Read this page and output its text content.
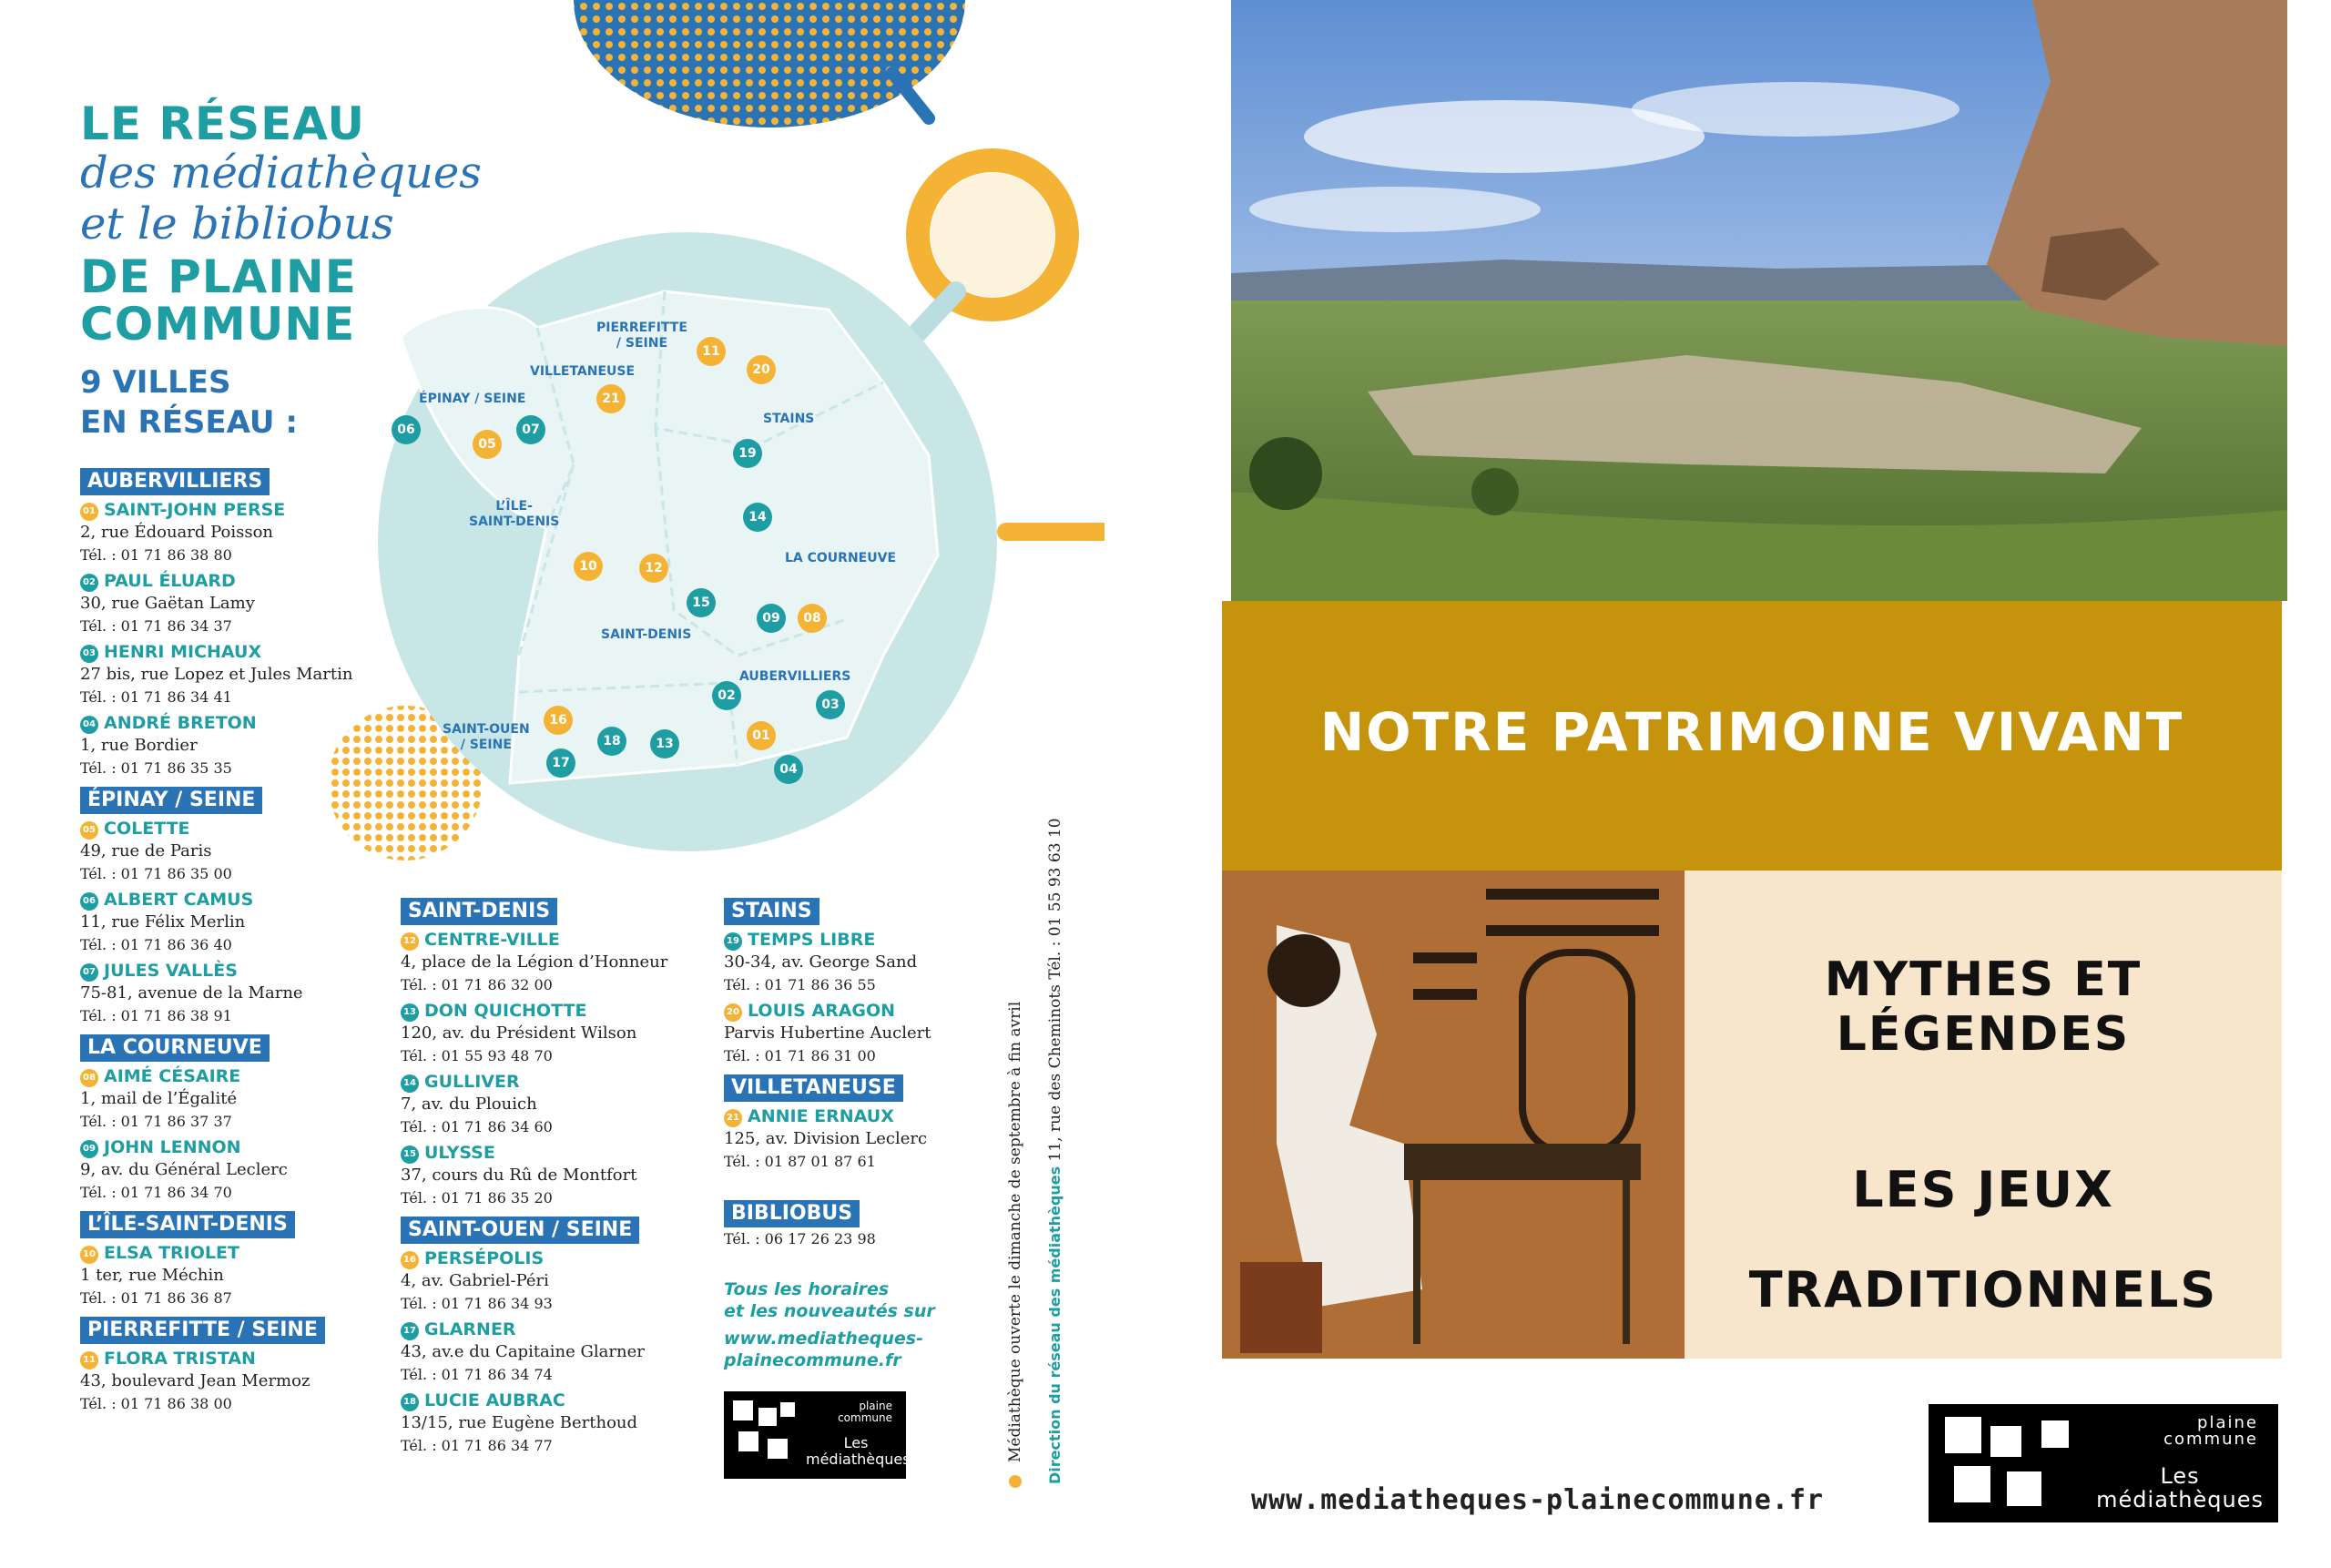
PIERREFITTE
/ SEINE
VILLETANEUSE
ÉPINAY / SEINE
STAINS
L’ÎLE-
SAINT-DENIS
LA COURNEUVE
SAINT-DENIS
AUBERVILLIERS
SAINT-OUEN
/ SEINE
06
05
07
21
11
20
19
14
10	12
15
09	08
02
03
16
18	13
01
17	04
LE RÉSEAU
des médiathèques
et le bibliobus
DE PLAINE
COMMUNE
9 VILLES
EN RÉSEAU :
AUBERVILLIERS
01 SAINT-JOHN PERSE
2, rue Édouard Poisson
Tél. : 01 71 86 38 80
02 PAUL ÉLUARD
30, rue Gaëtan Lamy
Tél. : 01 71 86 34 37
03 HENRI MICHAUX
27 bis, rue Lopez et Jules Martin
Tél. : 01 71 86 34 41
04 ANDRÉ BRETON
1, rue Bordier
Tél. : 01 71 86 35 35
ÉPINAY / SEINE
05 COLETTE
49, rue de Paris
Tél. : 01 71 86 35 00
06 ALBERT CAMUS
11, rue Félix Merlin
Tél. : 01 71 86 36 40
07 JULES VALLÈS
75-81, avenue de la Marne
Tél. : 01 71 86 38 91
LA COURNEUVE
08 AIMÉ CÉSAIRE
1, mail de l’Égalité
Tél. : 01 71 86 37 37
09 JOHN LENNON
9, av. du Général Leclerc
Tél. : 01 71 86 34 70
L’ÎLE-SAINT-DENIS
10 ELSA TRIOLET
1 ter, rue Méchin
Tél. : 01 71 86 36 87
PIERREFITTE / SEINE
11 FLORA TRISTAN
43, boulevard Jean Mermoz
Tél. : 01 71 86 38 00
SAINT-DENIS
12 CENTRE-VILLE
4, place de la Légion d’Honneur
Tél. : 01 71 86 32 00
13 DON QUICHOTTE
120, av. du Président Wilson
Tél. : 01 55 93 48 70
14 GULLIVER
7, av. du Plouich
Tél. : 01 71 86 34 60
15 ULYSSE
37, cours du Rû de Montfort
Tél. : 01 71 86 35 20
SAINT-OUEN / SEINE
16 PERSÉPOLIS
4, av. Gabriel-Péri
Tél. : 01 71 86 34 93
17 GLARNER
43, av.e du Capitaine Glarner
Tél. : 01 71 86 34 74
18 LUCIE AUBRAC
13/15, rue Eugène Berthoud
Tél. : 01 71 86 34 77
STAINS
19 TEMPS LIBRE
30-34, av. George Sand
Tél. : 01 71 86 36 55
20 LOUIS ARAGON
Parvis Hubertine Auclert
Tél. : 01 71 86 31 00
VILLETANEUSE
21 ANNIE ERNAUX
125, av. Division Leclerc
Tél. : 01 87 01 87 61
BIBLIOBUS
Tél. : 06 17 26 23 98
Tous les horaires
et les nouveautés sur
www.mediatheques-
plainecommune.fr
plaine
commune
Les
médiathèques	Médiathèque ouverte le dimanche de septembre à fin avril Direction du réseau des médiathèques 11, rue des Cheminots Tél. : 01 55 93 63 10
NOTRE PATRIMOINE VIVANT
MYTHES ET LÉGENDES
LES JEUX
TRADITIONNELS
www.mediatheques-plainecommune.fr
plaine
commune
Les
médiathèques
